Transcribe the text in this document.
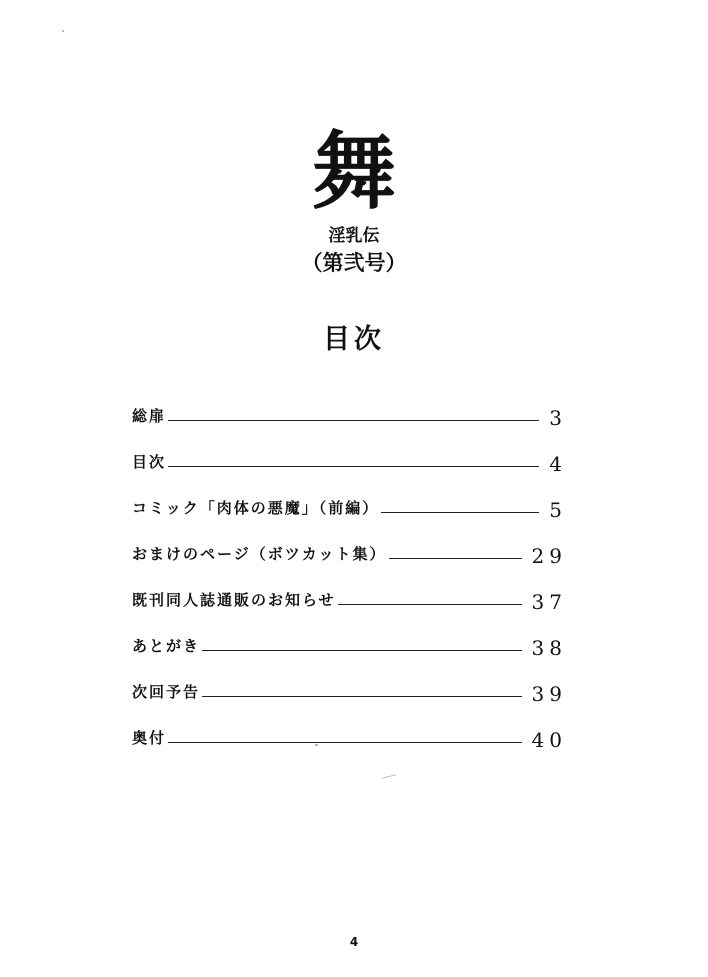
舞
淫乳伝
（第弐号）
目次
総扉	3
目次	4
コミック「肉体の悪魔」（前編）	5
おまけのページ（ボツカット集）	29
既刊同人誌通販のお知らせ	37
あとがき	38
次回予告	39
奥付	40
4
